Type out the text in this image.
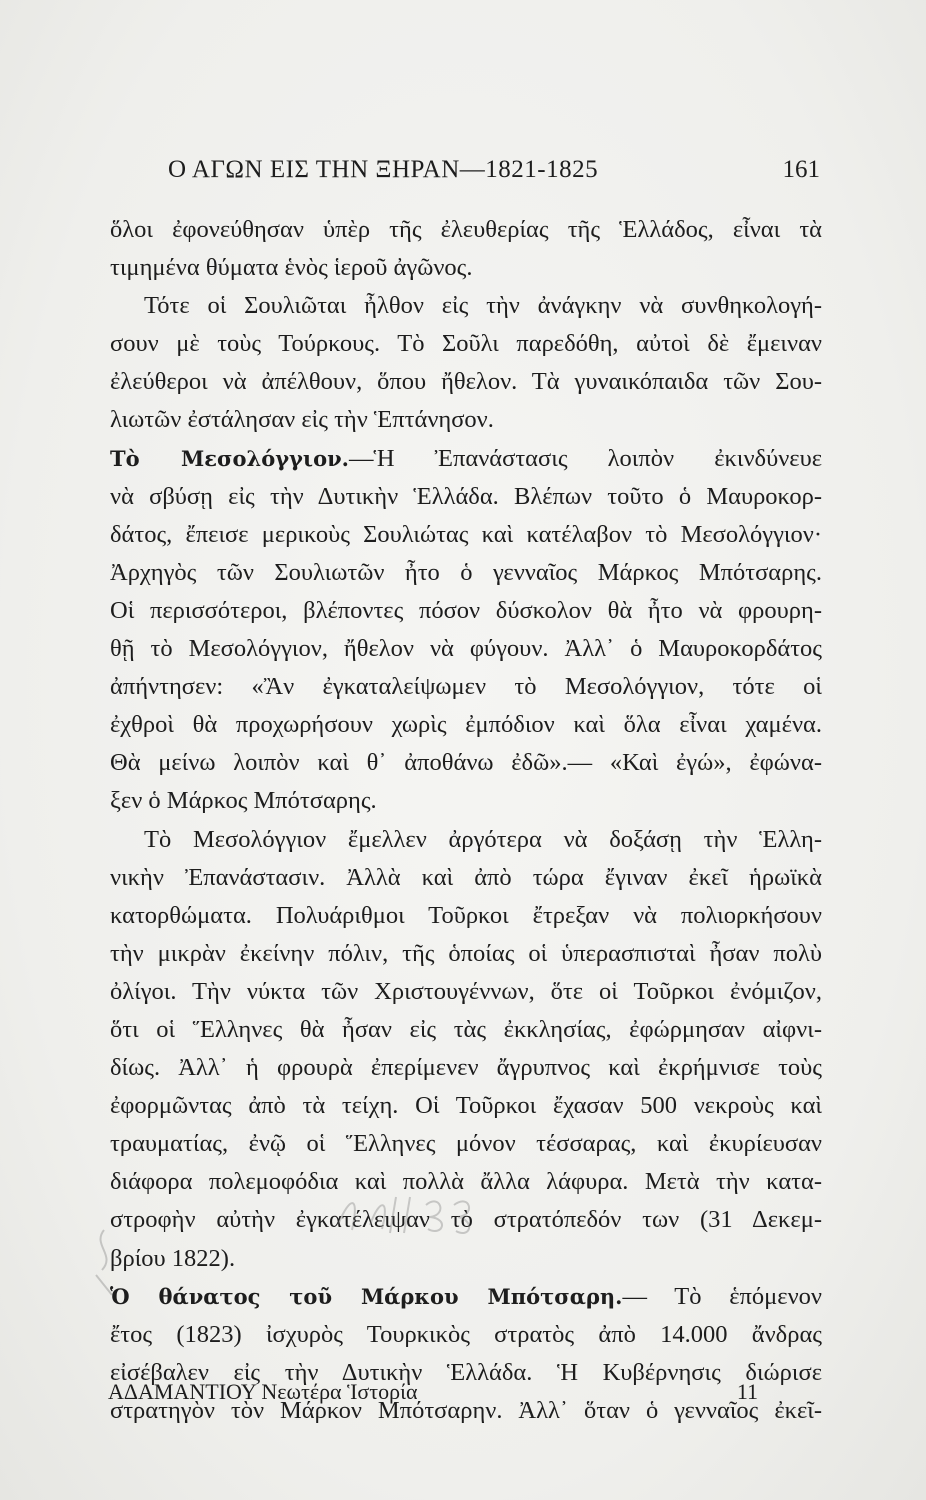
Ο ΑΓΩΝ ΕΙΣ ΤΗΝ ΞΗΡΑΝ—1821-1825	161
ὅλοι ἐφονεύθησαν ὑπὲρ τῆς ἐλευθερίας τῆς Ἑλλάδος, εἶναι τὰ
τιμημένα θύματα ἑνὸς ἱεροῦ ἀγῶνος.
Τότε οἱ Σουλιῶται ἦλθον εἰς τὴν ἀνάγκην νὰ συνθηκολογή-
σουν μὲ τοὺς Τούρκους. Τὸ Σοῦλι παρεδόθη, αὐτοὶ δὲ ἔμειναν
ἐλεύθεροι νὰ ἀπέλθουν, ὅπου ἤθελον. Τὰ γυναικόπαιδα τῶν Σου-
λιωτῶν ἐστάλησαν εἰς τὴν Ἑπτάνησον.
Τὸ Μεσολόγγιον.—Ἡ Ἐπανάστασις λοιπὸν ἐκινδύνευε
νὰ σβύσῃ εἰς τὴν Δυτικὴν Ἑλλάδα. Βλέπων τοῦτο ὁ Μαυροκορ-
δάτος, ἔπεισε μερικοὺς Σουλιώτας καὶ κατέλαβον τὸ Μεσολόγγιον·
Ἀρχηγὸς τῶν Σουλιωτῶν ἦτο ὁ γενναῖος Μάρκος Μπότσαρης.
Οἱ περισσότεροι, βλέποντες πόσον δύσκολον θὰ ἦτο νὰ φρουρη-
θῇ τὸ Μεσολόγγιον, ἤθελον νὰ φύγουν. Ἀλλ᾽ ὁ Μαυροκορδάτος
ἀπήντησεν: «Ἂν ἐγκαταλείψωμεν τὸ Μεσολόγγιον, τότε οἱ
ἐχθροὶ θὰ προχωρήσουν χωρὶς ἐμπόδιον καὶ ὅλα εἶναι χαμένα.
Θὰ μείνω λοιπὸν καὶ θ᾽ ἀποθάνω ἐδῶ».— «Καὶ ἐγώ», ἐφώνα-
ξεν ὁ Μάρκος Μπότσαρης.
Τὸ Μεσολόγγιον ἔμελλεν ἀργότερα νὰ δοξάσῃ τὴν Ἑλλη-
νικὴν Ἐπανάστασιν. Ἀλλὰ καὶ ἀπὸ τώρα ἔγιναν ἐκεῖ ἡρωϊκὰ
κατορθώματα. Πολυάριθμοι Τοῦρκοι ἔτρεξαν νὰ πολιορκήσουν
τὴν μικρὰν ἐκείνην πόλιν, τῆς ὁποίας οἱ ὑπερασπισταὶ ἦσαν πολὺ
ὀλίγοι. Τὴν νύκτα τῶν Χριστουγέννων, ὅτε οἱ Τοῦρκοι ἐνόμιζον,
ὅτι οἱ Ἕλληνες θὰ ἦσαν εἰς τὰς ἐκκλησίας, ἐφώρμησαν αἰφνι-
δίως. Ἀλλ᾽ ἡ φρουρὰ ἐπερίμενεν ἄγρυπνος καὶ ἐκρήμνισε τοὺς
ἐφορμῶντας ἀπὸ τὰ τείχη. Οἱ Τοῦρκοι ἔχασαν 500 νεκροὺς καὶ
τραυματίας, ἐνῷ οἱ Ἕλληνες μόνον τέσσαρας, καὶ ἐκυρίευσαν
διάφορα πολεμοφόδια καὶ πολλὰ ἄλλα λάφυρα. Μετὰ τὴν κατα-
στροφὴν αὐτὴν ἐγκατέλειψαν τὸ στρατόπεδόν των (31 Δεκεμ-
βρίου 1822).
Ὁ θάνατος τοῦ Μάρκου Μπότσαρη.— Τὸ ἑπόμενον
ἔτος (1823) ἰσχυρὸς Τουρκικὸς στρατὸς ἀπὸ 14.000 ἄνδρας
εἰσέβαλεν εἰς τὴν Δυτικὴν Ἑλλάδα. Ἡ Κυβέρνησις διώρισε
στρατηγὸν τὸν Μάρκον Μπότσαρην. Ἀλλ᾽ ὅταν ὁ γενναῖος ἐκεῖ-
ΑΔΑΜΑΝΤΙΟΥ Νεωτέρα Ἱστορία	11
